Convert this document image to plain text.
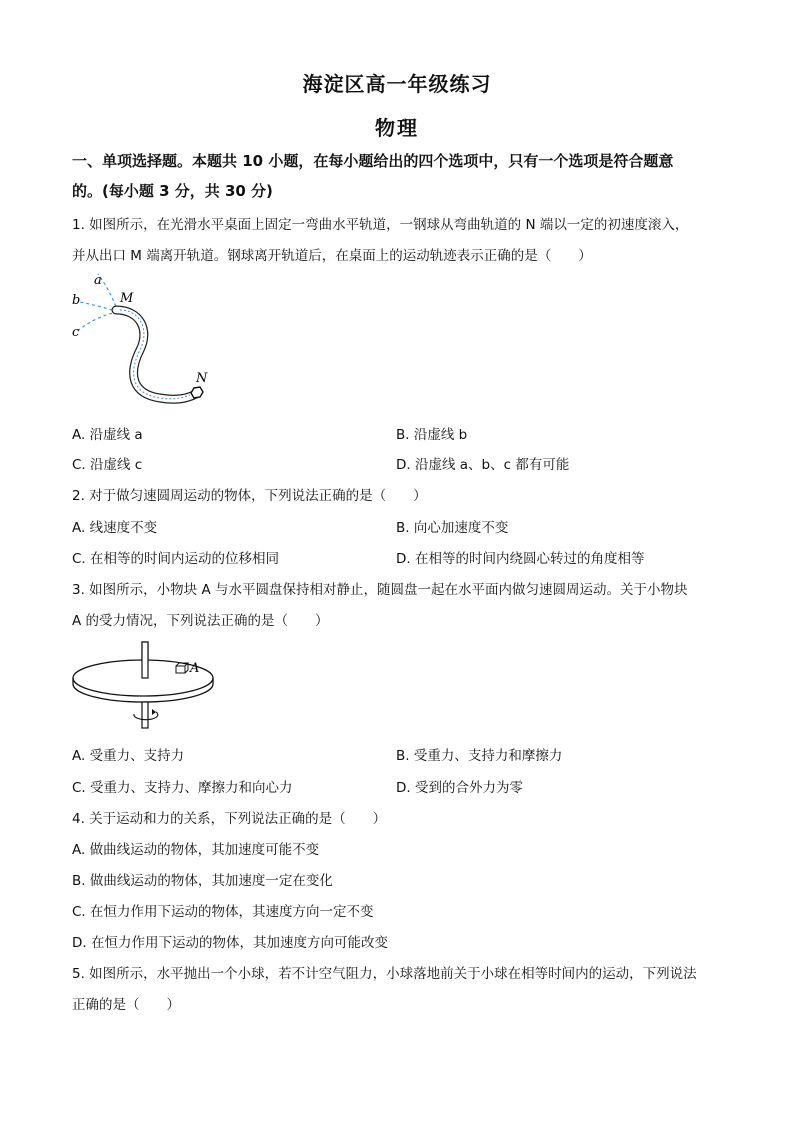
海淀区高一年级练习
物理
一、单项选择题。本题共 10 小题，在每小题给出的四个选项中，只有一个选项是符合题意
的。(每小题 3 分，共 30 分)
1. 如图所示，在光滑水平桌面上固定一弯曲水平轨道，一钢球从弯曲轨道的 N 端以一定的初速度滚入，
并从出口 M 端离开轨道。钢球离开轨道后，在桌面上的运动轨迹表示正确的是（　　）
a
b
c
M
N
A. 沿虚线 a	B. 沿虚线 b
C. 沿虚线 c	D. 沿虚线 a、b、c 都有可能
2. 对于做匀速圆周运动的物体，下列说法正确的是（　　）
A. 线速度不变	B. 向心加速度不变
C. 在相等的时间内运动的位移相同	D. 在相等的时间内绕圆心转过的角度相等
3. 如图所示，小物块 A 与水平圆盘保持相对静止，随圆盘一起在水平面内做匀速圆周运动。关于小物块
A 的受力情况，下列说法正确的是（　　）
A
A. 受重力、支持力	B. 受重力、支持力和摩擦力
C. 受重力、支持力、摩擦力和向心力	D. 受到的合外力为零
4. 关于运动和力的关系，下列说法正确的是（　　）
A. 做曲线运动的物体，其加速度可能不变
B. 做曲线运动的物体，其加速度一定在变化
C. 在恒力作用下运动的物体，其速度方向一定不变
D. 在恒力作用下运动的物体，其加速度方向可能改变
5. 如图所示，水平抛出一个小球，若不计空气阻力，小球落地前关于小球在相等时间内的运动，下列说法
正确的是（　　）
